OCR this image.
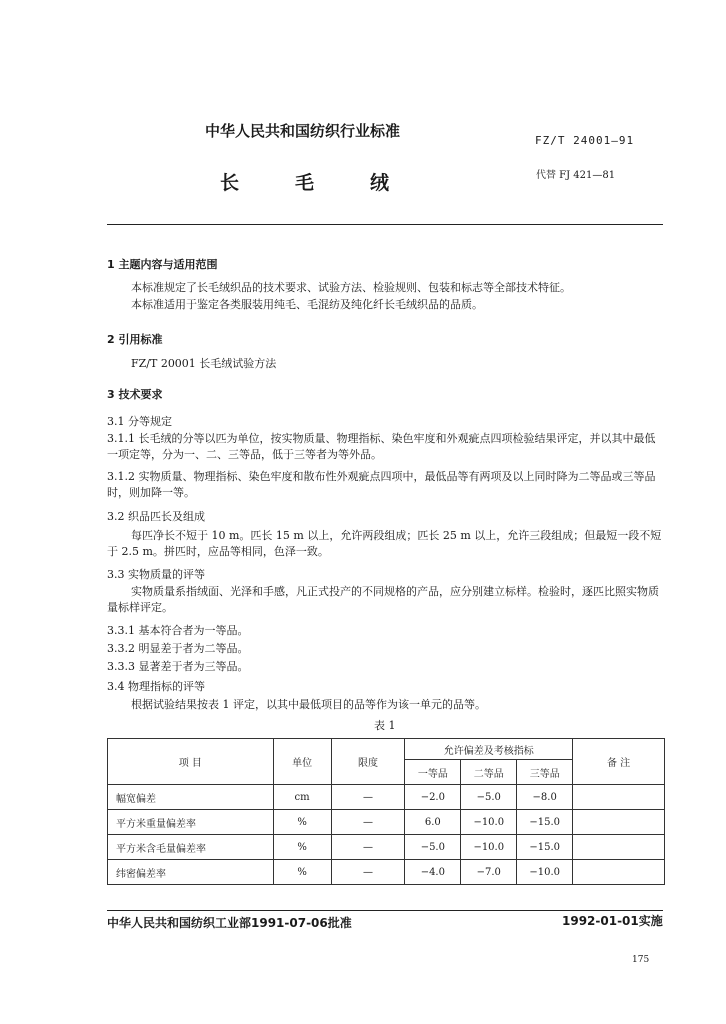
中华人民共和国纺织行业标准
FZ/T 24001—91
长	毛	绒	代替 FJ 421—81
1 主题内容与适用范围
本标准规定了长毛绒织品的技术要求、试验方法、检验规则、包装和标志等全部技术特征。
本标准适用于鉴定各类服装用纯毛、毛混纺及纯化纤长毛绒织品的品质。
2 引用标准
FZ/T 20001 长毛绒试验方法
3 技术要求
3.1 分等规定
3.1.1 长毛绒的分等以匹为单位，按实物质量、物理指标、染色牢度和外观疵点四项检验结果评定，并以其中最低一项定等，分为一、二、三等品，低于三等者为等外品。
3.1.2 实物质量、物理指标、染色牢度和散布性外观疵点四项中，最低品等有两项及以上同时降为二等品或三等品时，则加降一等。
3.2 织品匹长及组成
每匹净长不短于 10 m。匹长 15 m 以上，允许两段组成；匹长 25 m 以上，允许三段组成；但最短一段不短于 2.5 m。拼匹时，应品等相同，色泽一致。
3.3 实物质量的评等
实物质量系指绒面、光泽和手感，凡正式投产的不同规格的产品，应分别建立标样。检验时，逐匹比照实物质量标样评定。
3.3.1 基本符合者为一等品。
3.3.2 明显差于者为二等品。
3.3.3 显著差于者为三等品。
3.4 物理指标的评等
根据试验结果按表 1 评定，以其中最低项目的品等作为该一单元的品等。
表 1
项 目	单位	限度	允许偏差及考核指标			备 注
			一等品	二等品	三等品	
幅宽偏差	cm	—	−2.0	−5.0	−8.0	
平方米重量偏差率	%	—	6.0	−10.0	−15.0	
平方米含毛量偏差率	%	—	−5.0	−10.0	−15.0	
纬密偏差率	%	—	−4.0	−7.0	−10.0	
中华人民共和国纺织工业部1991-07-06批准	1992-01-01实施
175
